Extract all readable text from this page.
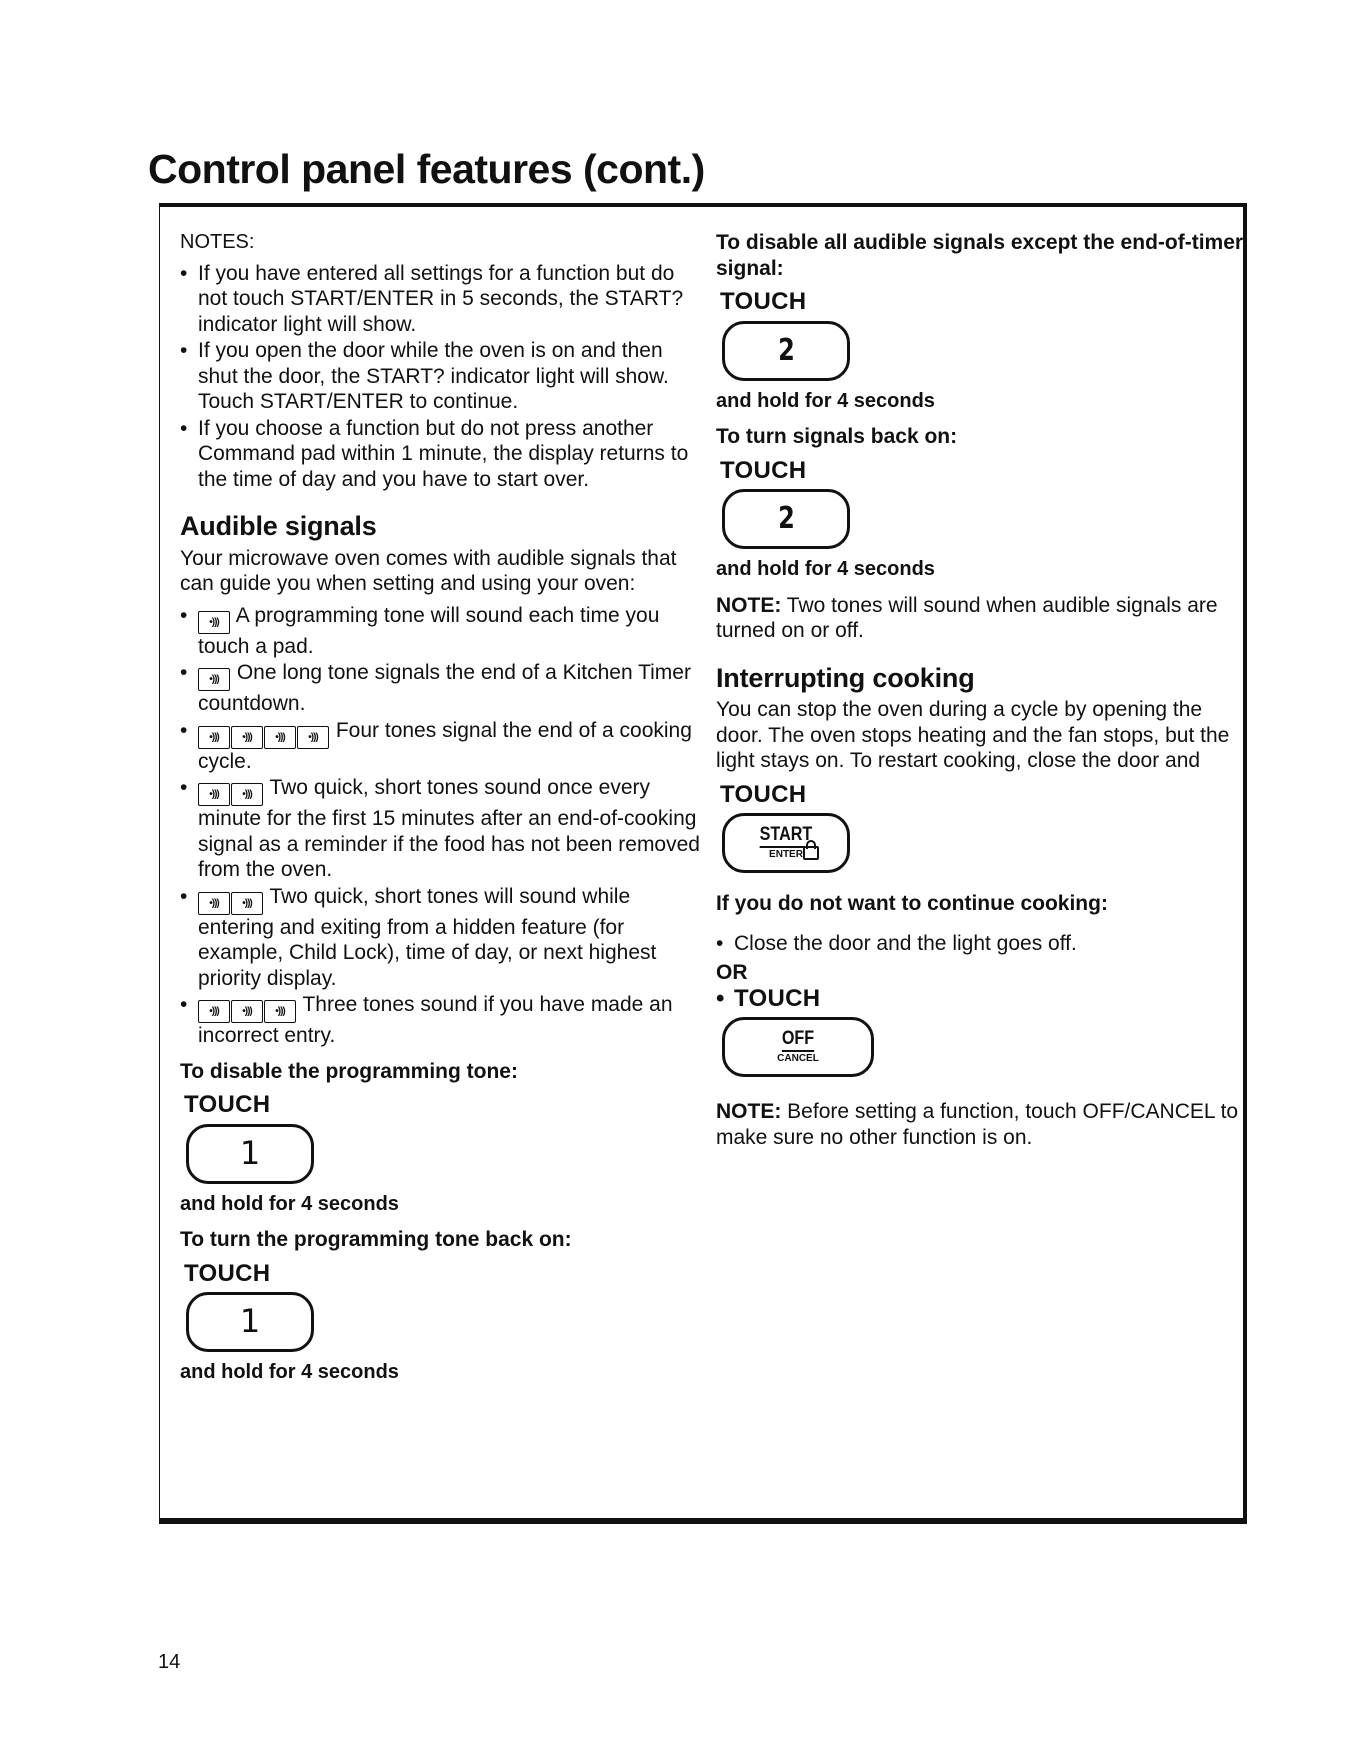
Control panel features (cont.)
NOTES:
• If you have entered all settings for a function but do not touch START/ENTER in 5 seconds, the START? indicator light will show.
• If you open the door while the oven is on and then shut the door, the START? indicator light will show. Touch START/ENTER to continue.
• If you choose a function but do not press another Command pad within 1 minute, the display returns to the time of day and you have to start over.
Audible signals
Your microwave oven comes with audible signals that can guide you when setting and using your oven:
• •))) A programming tone will sound each time you touch a pad.
• •))) One long tone signals the end of a Kitchen Timer countdown.
• •))) •))) •))) •))) Four tones signal the end of a cooking cycle.
• •))) •))) Two quick, short tones sound once every minute for the first 15 minutes after an end-of-cooking signal as a reminder if the food has not been removed from the oven.
• •))) •))) Two quick, short tones will sound while entering and exiting from a hidden feature (for example, Child Lock), time of day, or next highest priority display.
• •))) •))) •))) Three tones sound if you have made an incorrect entry.
To disable the programming tone:
TOUCH
1
and hold for 4 seconds
To turn the programming tone back on:
TOUCH
1
and hold for 4 seconds
To disable all audible signals except the end-of-timer signal:
TOUCH
2
and hold for 4 seconds
To turn signals back on:
TOUCH
2
and hold for 4 seconds
NOTE: Two tones will sound when audible signals are turned on or off.
Interrupting cooking
You can stop the oven during a cycle by opening the door. The oven stops heating and the fan stops, but the light stays on. To restart cooking, close the door and
TOUCH
START
ENTER
If you do not want to continue cooking:
• Close the door and the light goes off.
OR
• TOUCH
OFF
CANCEL
NOTE: Before setting a function, touch OFF/CANCEL to make sure no other function is on.
14
